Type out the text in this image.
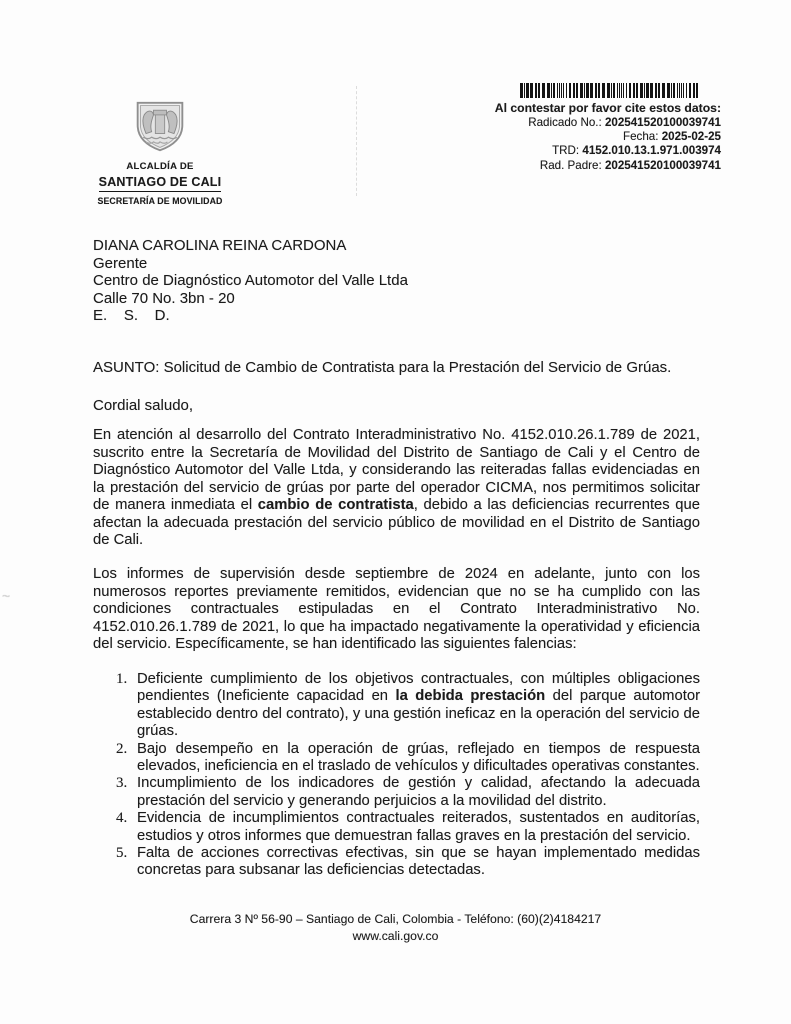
ALCALDÍA DE
SANTIAGO DE CALI
SECRETARÍA DE MOVILIDAD
~
Al contestar por favor cite estos datos:
Radicado No.: 202541520100039741
Fecha: 2025-02-25
TRD: 4152.010.13.1.971.003974
Rad. Padre: 202541520100039741
DIANA CAROLINA REINA CARDONA
Gerente
Centro de Diagnóstico Automotor del Valle Ltda
Calle 70 No. 3bn - 20
E.    S.    D.
ASUNTO: Solicitud de Cambio de Contratista para la Prestación del Servicio de Grúas.
Cordial saludo,
En atención al desarrollo del Contrato Interadministrativo No. 4152.010.26.1.789 de 2021, suscrito entre la Secretaría de Movilidad del Distrito de Santiago de Cali y el Centro de Diagnóstico Automotor del Valle Ltda, y considerando las reiteradas fallas evidenciadas en la prestación del servicio de grúas por parte del operador CICMA, nos permitimos solicitar de manera inmediata el cambio de contratista, debido a las deficiencias recurrentes que afectan la adecuada prestación del servicio público de movilidad en el Distrito de Santiago de Cali.
Los informes de supervisión desde septiembre de 2024 en adelante, junto con los numerosos reportes previamente remitidos, evidencian que no se ha cumplido con las condiciones contractuales estipuladas en el Contrato Interadministrativo No. 4152.010.26.1.789 de 2021, lo que ha impactado negativamente la operatividad y eficiencia del servicio. Específicamente, se han identificado las siguientes falencias:
1. Deficiente cumplimiento de los objetivos contractuales, con múltiples obligaciones pendientes (Ineficiente capacidad en la debida prestación del parque automotor establecido dentro del contrato), y una gestión ineficaz en la operación del servicio de grúas.
2. Bajo desempeño en la operación de grúas, reflejado en tiempos de respuesta elevados, ineficiencia en el traslado de vehículos y dificultades operativas constantes.
3. Incumplimiento de los indicadores de gestión y calidad, afectando la adecuada prestación del servicio y generando perjuicios a la movilidad del distrito.
4. Evidencia de incumplimientos contractuales reiterados, sustentados en auditorías, estudios y otros informes que demuestran fallas graves en la prestación del servicio.
5. Falta de acciones correctivas efectivas, sin que se hayan implementado medidas concretas para subsanar las deficiencias detectadas.
Carrera 3 Nº 56-90 – Santiago de Cali, Colombia - Teléfono: (60)(2)4184217
www.cali.gov.co
